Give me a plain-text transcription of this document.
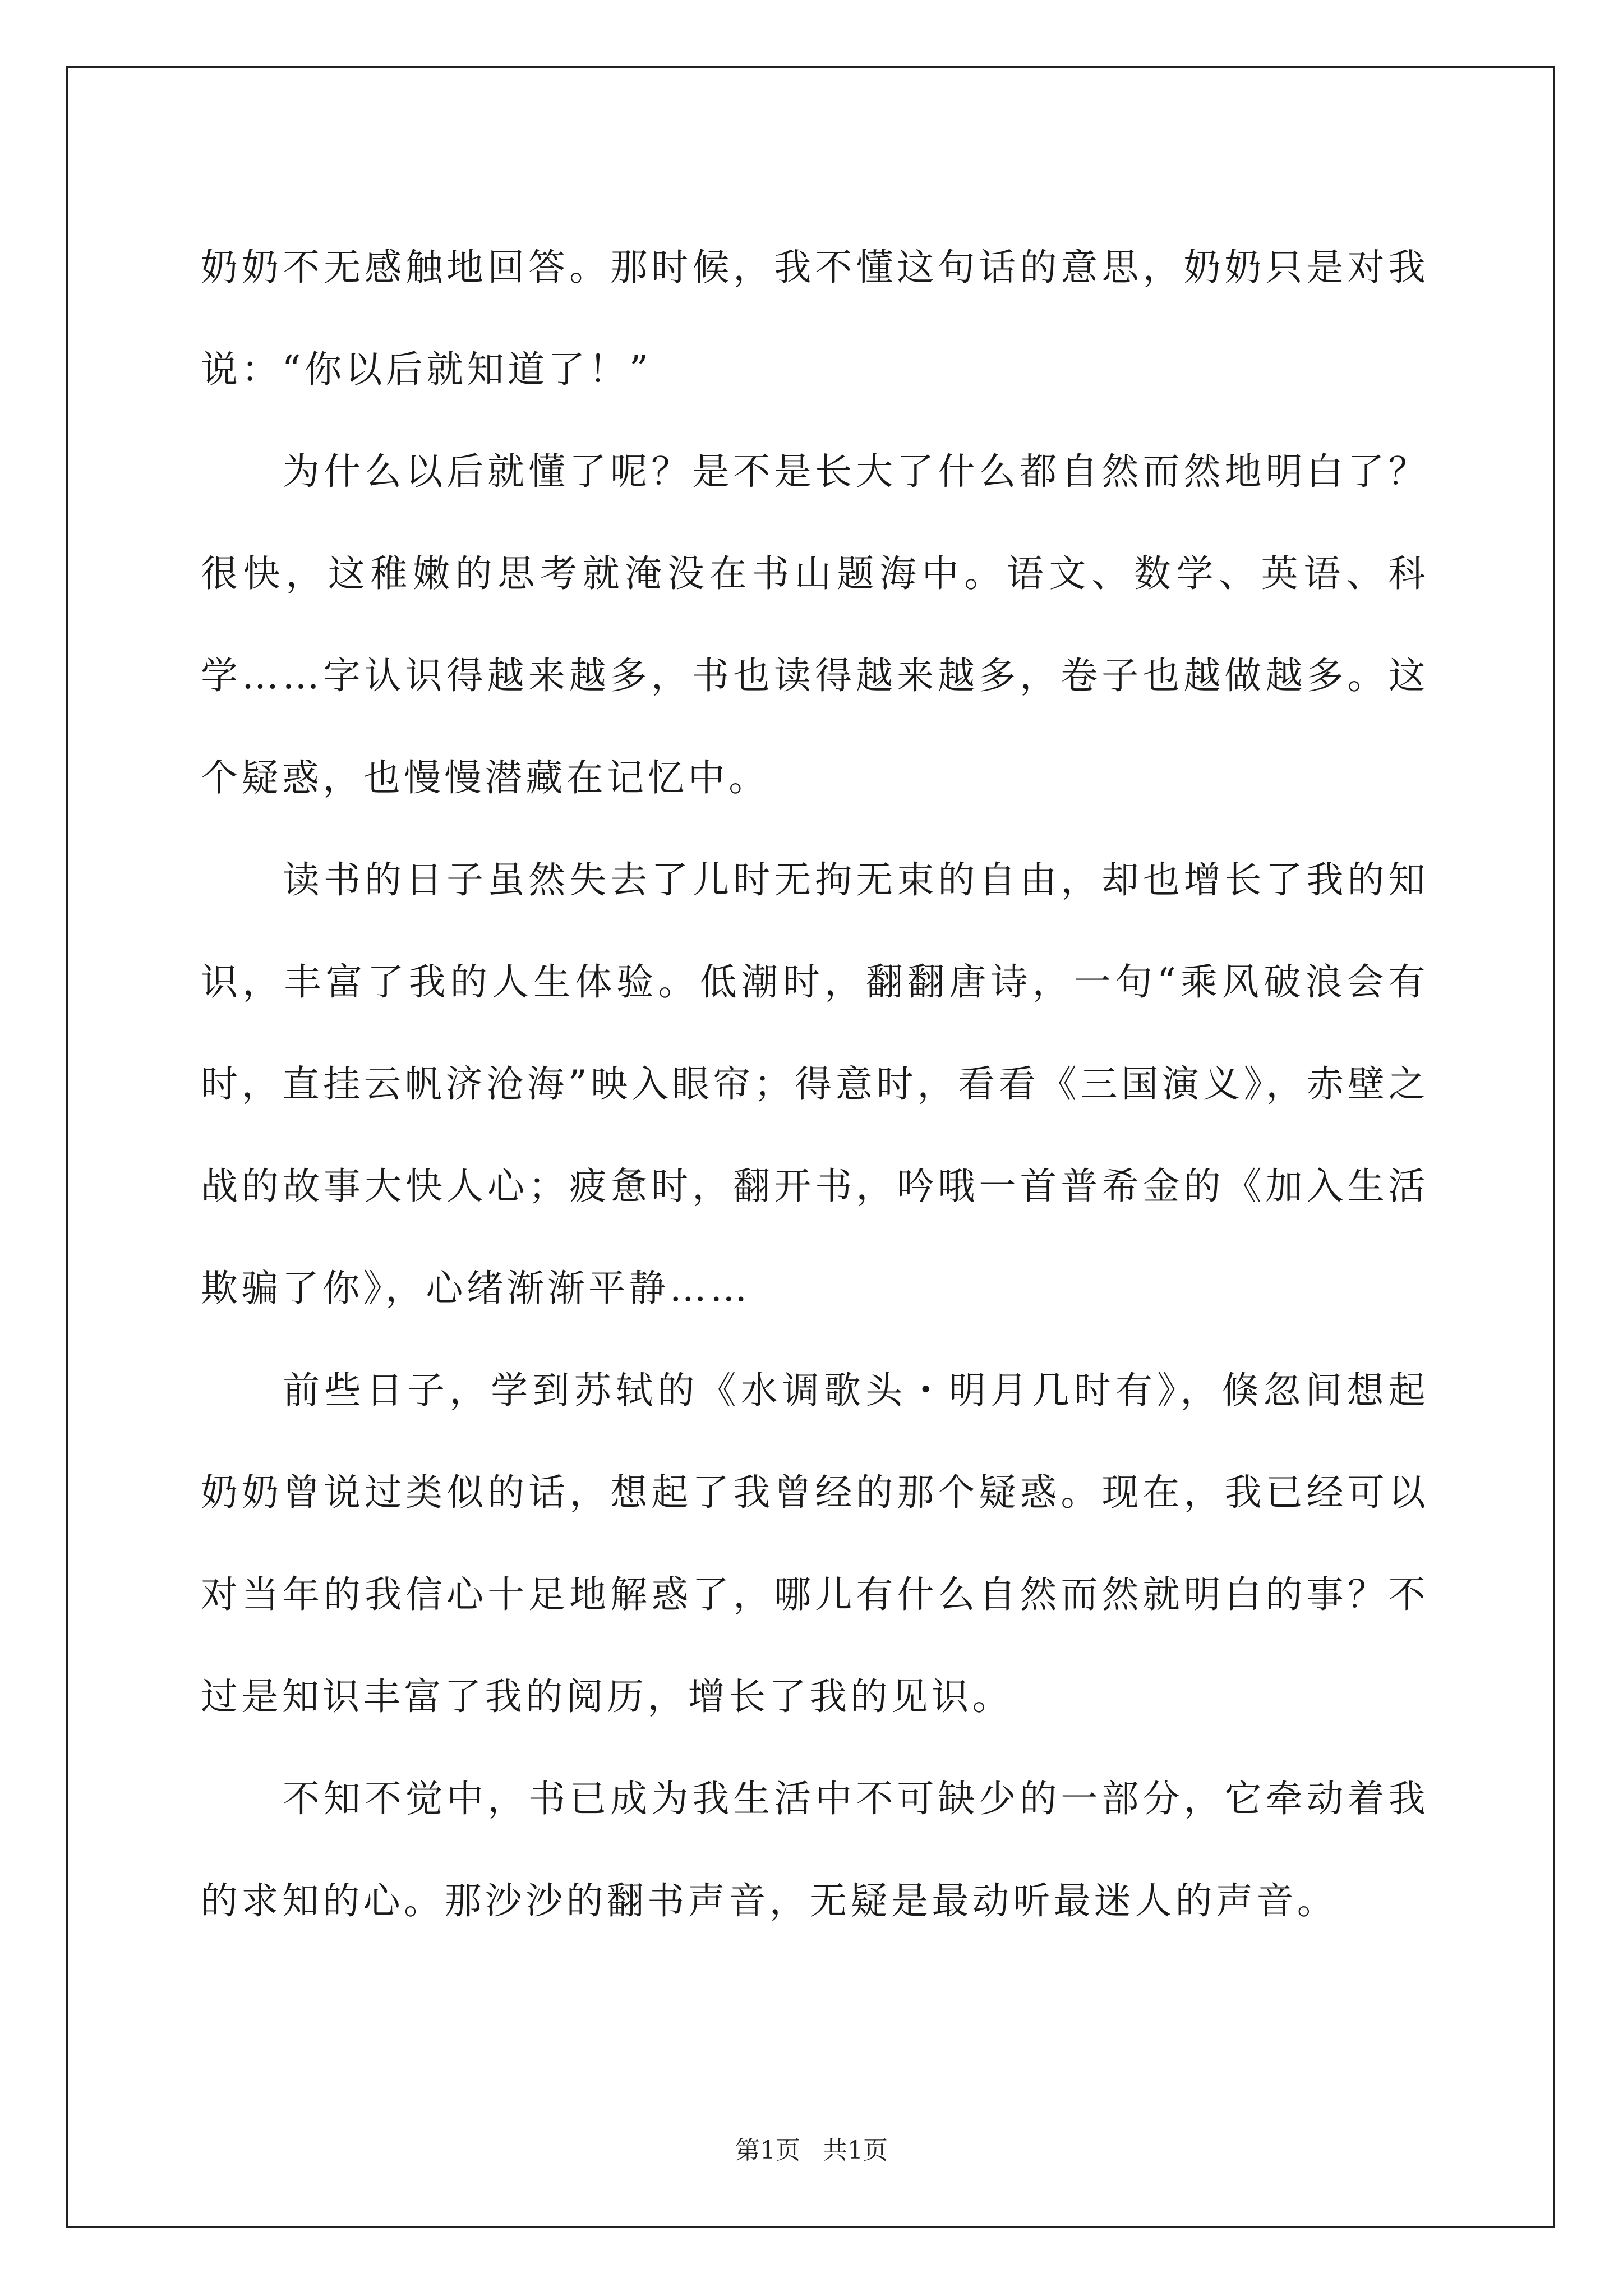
奶奶不无感触地回答。那时候，我不懂这句话的意思，奶奶只是对我说：“你以后就知道了！”

为什么以后就懂了呢？是不是长大了什么都自然而然地明白了？很快，这稚嫩的思考就淹没在书山题海中。语文、数学、英语、科学……字认识得越来越多，书也读得越来越多，卷子也越做越多。这个疑惑，也慢慢潜藏在记忆中。

读书的日子虽然失去了儿时无拘无束的自由，却也增长了我的知识，丰富了我的人生体验。低潮时，翻翻唐诗，一句“乘风破浪会有时，直挂云帆济沧海”映入眼帘；得意时，看看《三国演义》，赤壁之战的故事大快人心；疲惫时，翻开书，吟哦一首普希金的《加入生活欺骗了你》，心绪渐渐平静……

前些日子，学到苏轼的《水调歌头・明月几时有》，倏忽间想起奶奶曾说过类似的话，想起了我曾经的那个疑惑。现在，我已经可以对当年的我信心十足地解惑了，哪儿有什么自然而然就明白的事？不过是知识丰富了我的阅历，增长了我的见识。

不知不觉中，书已成为我生活中不可缺少的一部分，它牵动着我的求知的心。那沙沙的翻书声音，无疑是最动听最迷人的声音。

第1页 共1页
